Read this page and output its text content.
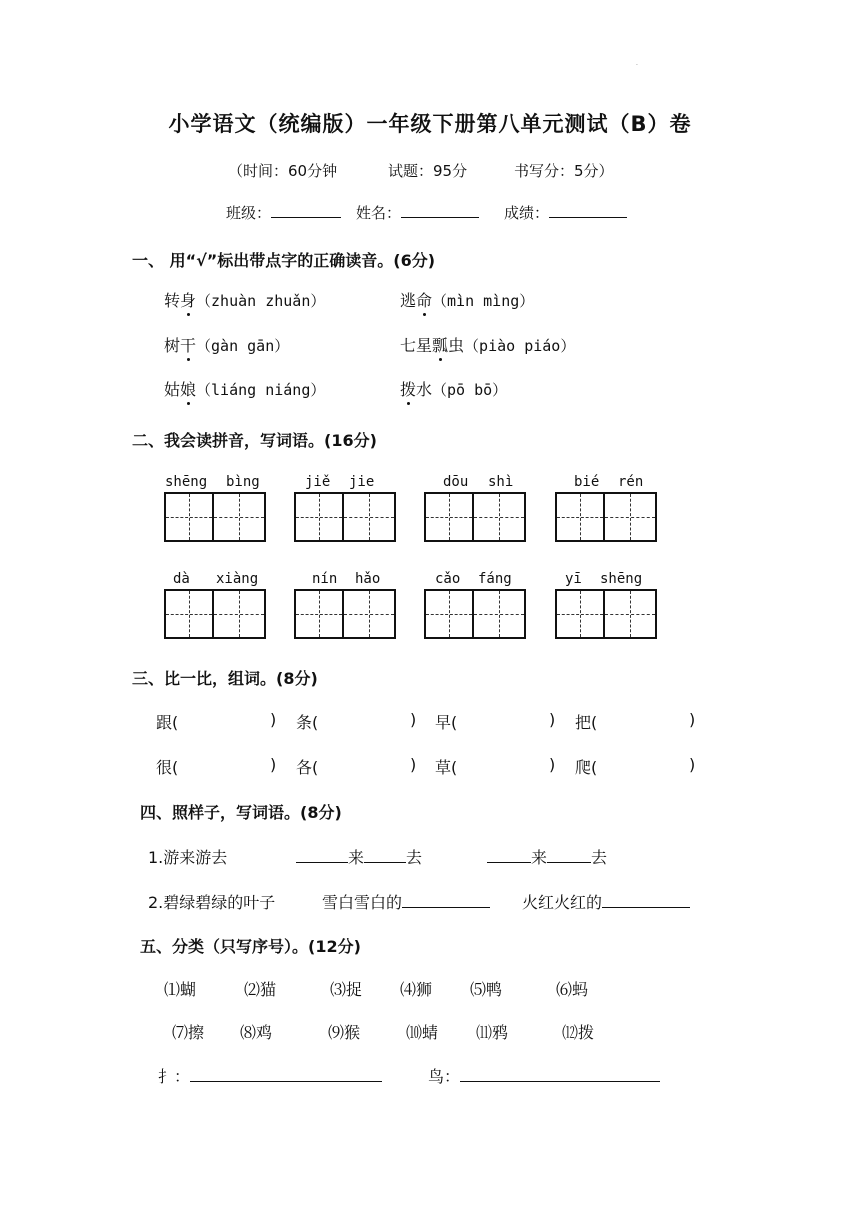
.
小学语文（统编版）一年级下册第八单元测试（B）卷
（时间：60分钟	试题：95分	书写分：5分）
班级：	姓名：	成绩：
一、 用“√”标出带点字的正确读音。(6分)
转身（zhuàn zhuǎn）	逃命（mìn mìng）
树干（gàn gān）	七星瓢虫（piào piáo）
姑娘（liáng niáng）	拨水（pō bō）
二、我会读拼音，写词语。(16分)
shēng bìng	jiě jie	dōu shì	bié rén
dà xiàng	nín hǎo	cǎo fáng	yī shēng
三、比一比，组词。(8分)
跟(	) 条(	) 早(	) 把(	)
很(	) 各(	) 草(	) 爬(	)
四、照样子，写词语。(8分)
1.游来游去	来	去	来	去
2.碧绿碧绿的叶子	雪白雪白的	火红火红的
五、分类（只写序号）。(12分)
⑴蝴	⑵猫	⑶捉 ⑷狮 ⑸鸭	⑹蚂
⑺擦 ⑻鸡	⑼猴	⑽蜻 ⑾鸦	⑿拨
扌：	鸟：
